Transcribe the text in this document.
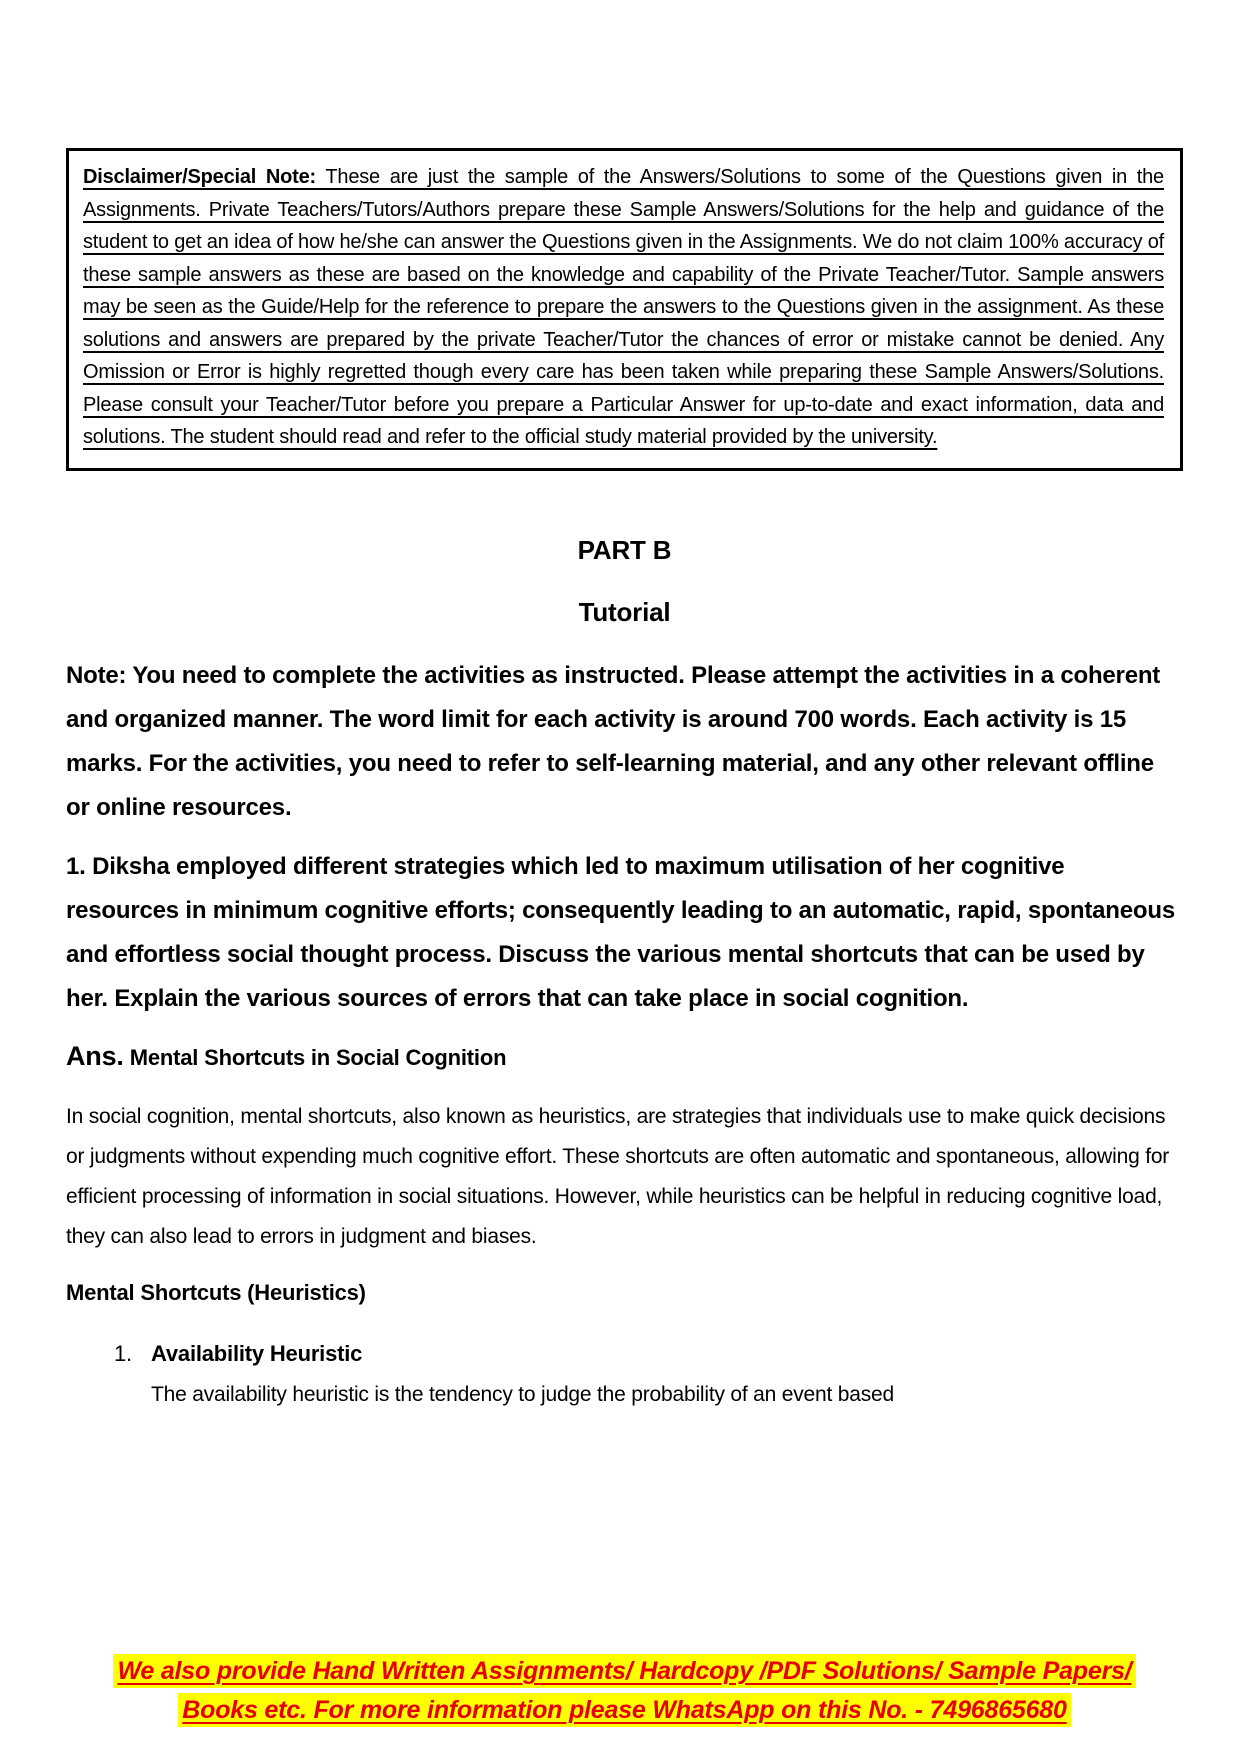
Disclaimer/Special Note: These are just the sample of the Answers/Solutions to some of the Questions given in the Assignments. Private Teachers/Tutors/Authors prepare these Sample Answers/Solutions for the help and guidance of the student to get an idea of how he/she can answer the Questions given in the Assignments. We do not claim 100% accuracy of these sample answers as these are based on the knowledge and capability of the Private Teacher/Tutor. Sample answers may be seen as the Guide/Help for the reference to prepare the answers to the Questions given in the assignment. As these solutions and answers are prepared by the private Teacher/Tutor the chances of error or mistake cannot be denied. Any Omission or Error is highly regretted though every care has been taken while preparing these Sample Answers/Solutions. Please consult your Teacher/Tutor before you prepare a Particular Answer for up-to-date and exact information, data and solutions. The student should read and refer to the official study material provided by the university.

PART B
Tutorial

Note: You need to complete the activities as instructed. Please attempt the activities in a coherent and organized manner. The word limit for each activity is around 700 words. Each activity is 15 marks. For the activities, you need to refer to self-learning material, and any other relevant offline or online resources.

1. Diksha employed different strategies which led to maximum utilisation of her cognitive resources in minimum cognitive efforts; consequently leading to an automatic, rapid, spontaneous and effortless social thought process. Discuss the various mental shortcuts that can be used by her. Explain the various sources of errors that can take place in social cognition.

Ans. Mental Shortcuts in Social Cognition

In social cognition, mental shortcuts, also known as heuristics, are strategies that individuals use to make quick decisions or judgments without expending much cognitive effort. These shortcuts are often automatic and spontaneous, allowing for efficient processing of information in social situations. However, while heuristics can be helpful in reducing cognitive load, they can also lead to errors in judgment and biases.

Mental Shortcuts (Heuristics)
1. Availability Heuristic
The availability heuristic is the tendency to judge the probability of an event based
We also provide Hand Written Assignments/ Hardcopy /PDF Solutions/ Sample Papers/
Books etc. For more information please WhatsApp on this No. - 7496865680
